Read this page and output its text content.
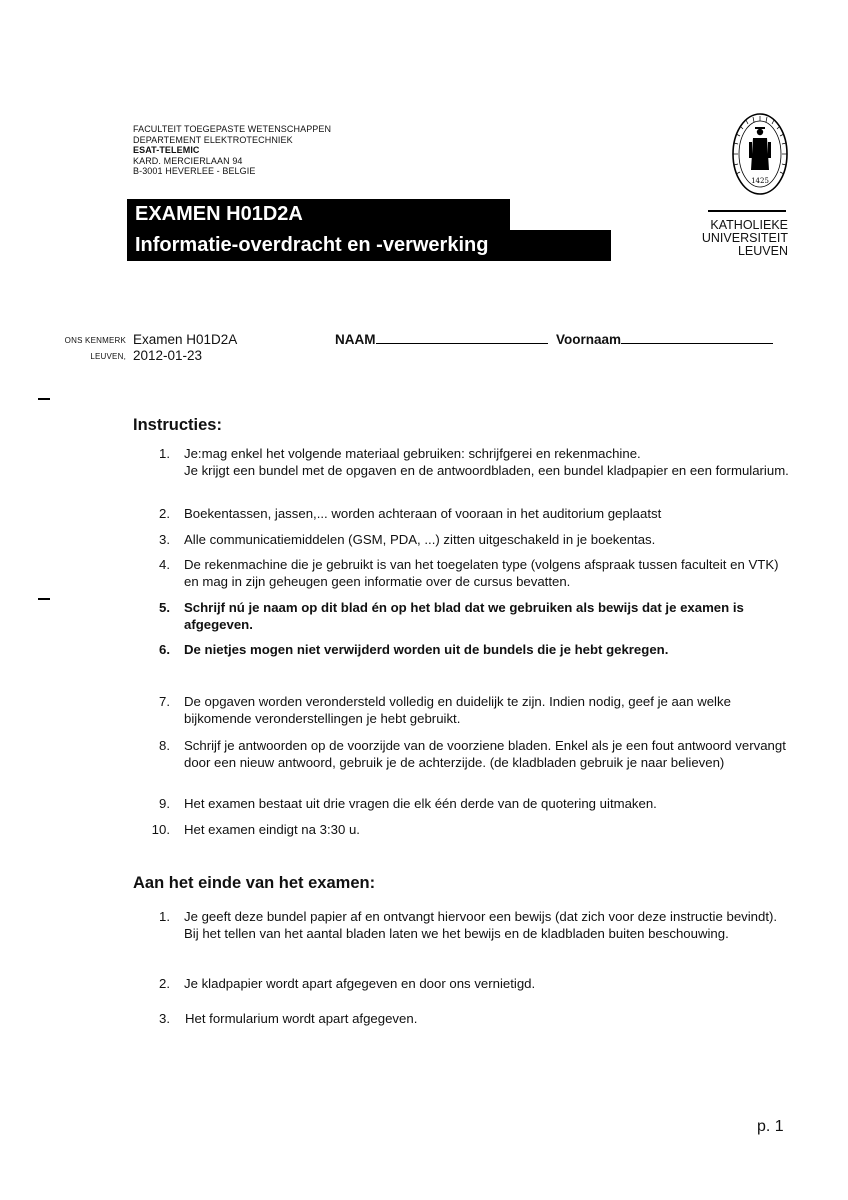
FACULTEIT TOEGEPASTE WETENSCHAPPEN
DEPARTEMENT ELEKTROTECHNIEK
ESAT-TELEMIC
KARD. MERCIERLAAN 94
B-3001 HEVERLEE - BELGIE
EXAMEN H01D2A
Informatie-overdracht en -verwerking
1425
KATHOLIEKE
UNIVERSITEIT
LEUVEN
ONS KENMERK Examen H01D2A
LEUVEN, 2012-01-23
NAAM	Voornaam
Instructies:
1. Je:mag enkel het volgende materiaal gebruiken: schrijfgerei en rekenmachine.
Je krijgt een bundel met de opgaven en de antwoordbladen, een bundel kladpapier en een formularium.
2. Boekentassen, jassen,... worden achteraan of vooraan in het auditorium geplaatst
3. Alle communicatiemiddelen (GSM, PDA, ...) zitten uitgeschakeld in je boekentas.
4. De rekenmachine die je gebruikt is van het toegelaten type (volgens afspraak tussen faculteit en VTK) en mag in zijn geheugen geen informatie over de cursus bevatten.
5. Schrijf nú je naam op dit blad én op het blad dat we gebruiken als bewijs dat je examen is afgegeven.
6. De nietjes mogen niet verwijderd worden uit de bundels die je hebt gekregen.
7. De opgaven worden verondersteld volledig en duidelijk te zijn. Indien nodig, geef je aan welke bijkomende veronderstellingen je hebt gebruikt.
8. Schrijf je antwoorden op de voorzijde van de voorziene bladen. Enkel als je een fout antwoord vervangt door een nieuw antwoord, gebruik je de achterzijde. (de kladbladen gebruik je naar believen)
9. Het examen bestaat uit drie vragen die elk één derde van de quotering uitmaken.
10. Het examen eindigt na 3:30 u.
Aan het einde van het examen:
1. Je geeft deze bundel papier af en ontvangt hiervoor een bewijs (dat zich voor deze instructie bevindt). Bij het tellen van het aantal bladen laten we het bewijs en de kladbladen buiten beschouwing.
2. Je kladpapier wordt apart afgegeven en door ons vernietigd.
3. Het formularium wordt apart afgegeven.
p. 1
